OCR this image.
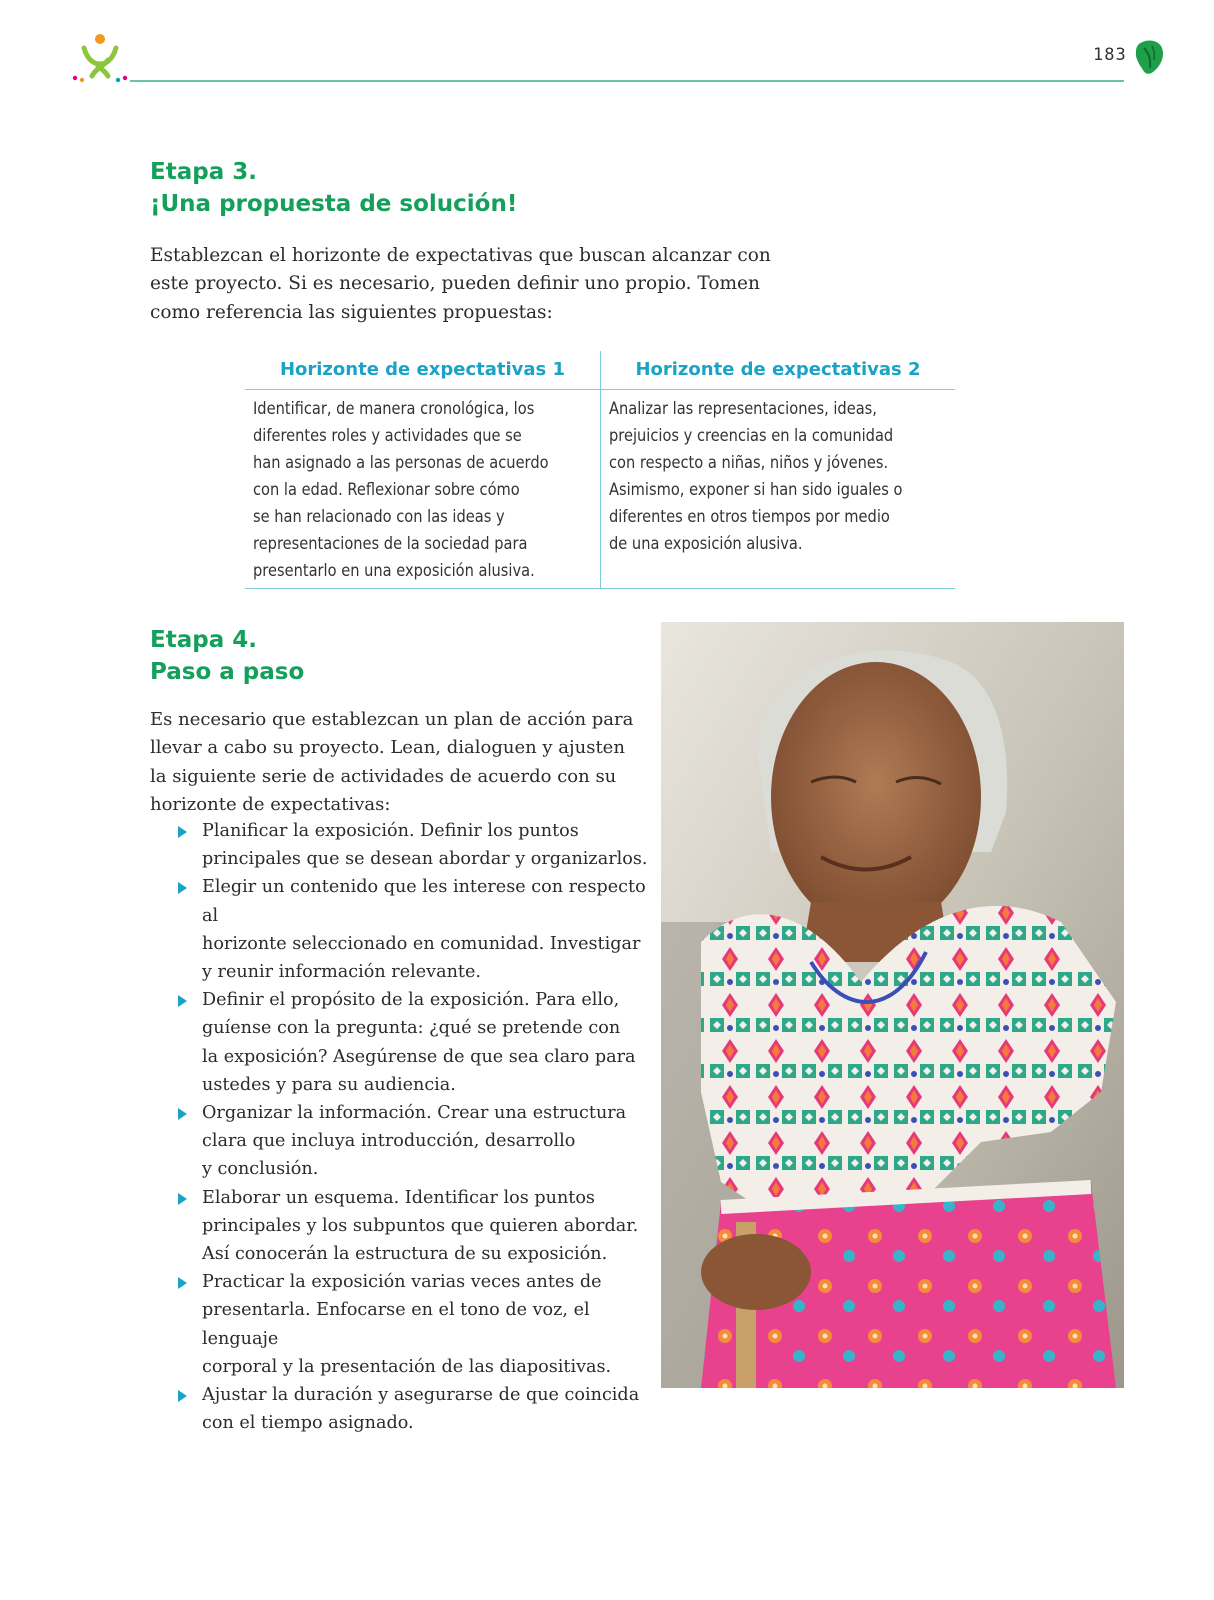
183
Etapa 3.
¡Una propuesta de solución!

Establezcan el horizonte de expectativas que buscan alcanzar con
este proyecto. Si es necesario, pueden definir uno propio. Tomen
como referencia las siguientes propuestas:

Horizonte de expectativas 1

Identificar, de manera cronológica, los
diferentes roles y actividades que se
han asignado a las personas de acuerdo
con la edad. Reflexionar sobre cómo
se han relacionado con las ideas y
representaciones de la sociedad para
presentarlo en una exposición alusiva.

Horizonte de expectativas 2

Analizar las representaciones, ideas,
prejuicios y creencias en la comunidad
con respecto a niñas, niños y jóvenes.
Asimismo, exponer si han sido iguales o
diferentes en otros tiempos por medio
de una exposición alusiva.

Etapa 4.
Paso a paso

Es necesario que establezcan un plan de acción para
llevar a cabo su proyecto. Lean, dialoguen y ajusten
la siguiente serie de actividades de acuerdo con su
horizonte de expectativas:

Planificar la exposición. Definir los puntos
principales que se desean abordar y organizarlos.
Elegir un contenido que les interese con respecto al
horizonte seleccionado en comunidad. Investigar
y reunir información relevante.
Definir el propósito de la exposición. Para ello,
guíense con la pregunta: ¿qué se pretende con
la exposición? Asegúrense de que sea claro para
ustedes y para su audiencia.
Organizar la información. Crear una estructura
clara que incluya introducción, desarrollo
y conclusión.
Elaborar un esquema. Identificar los puntos
principales y los subpuntos que quieren abordar.
Así conocerán la estructura de su exposición.
Practicar la exposición varias veces antes de
presentarla. Enfocarse en el tono de voz, el lenguaje
corporal y la presentación de las diapositivas.
Ajustar la duración y asegurarse de que coincida
con el tiempo asignado.
